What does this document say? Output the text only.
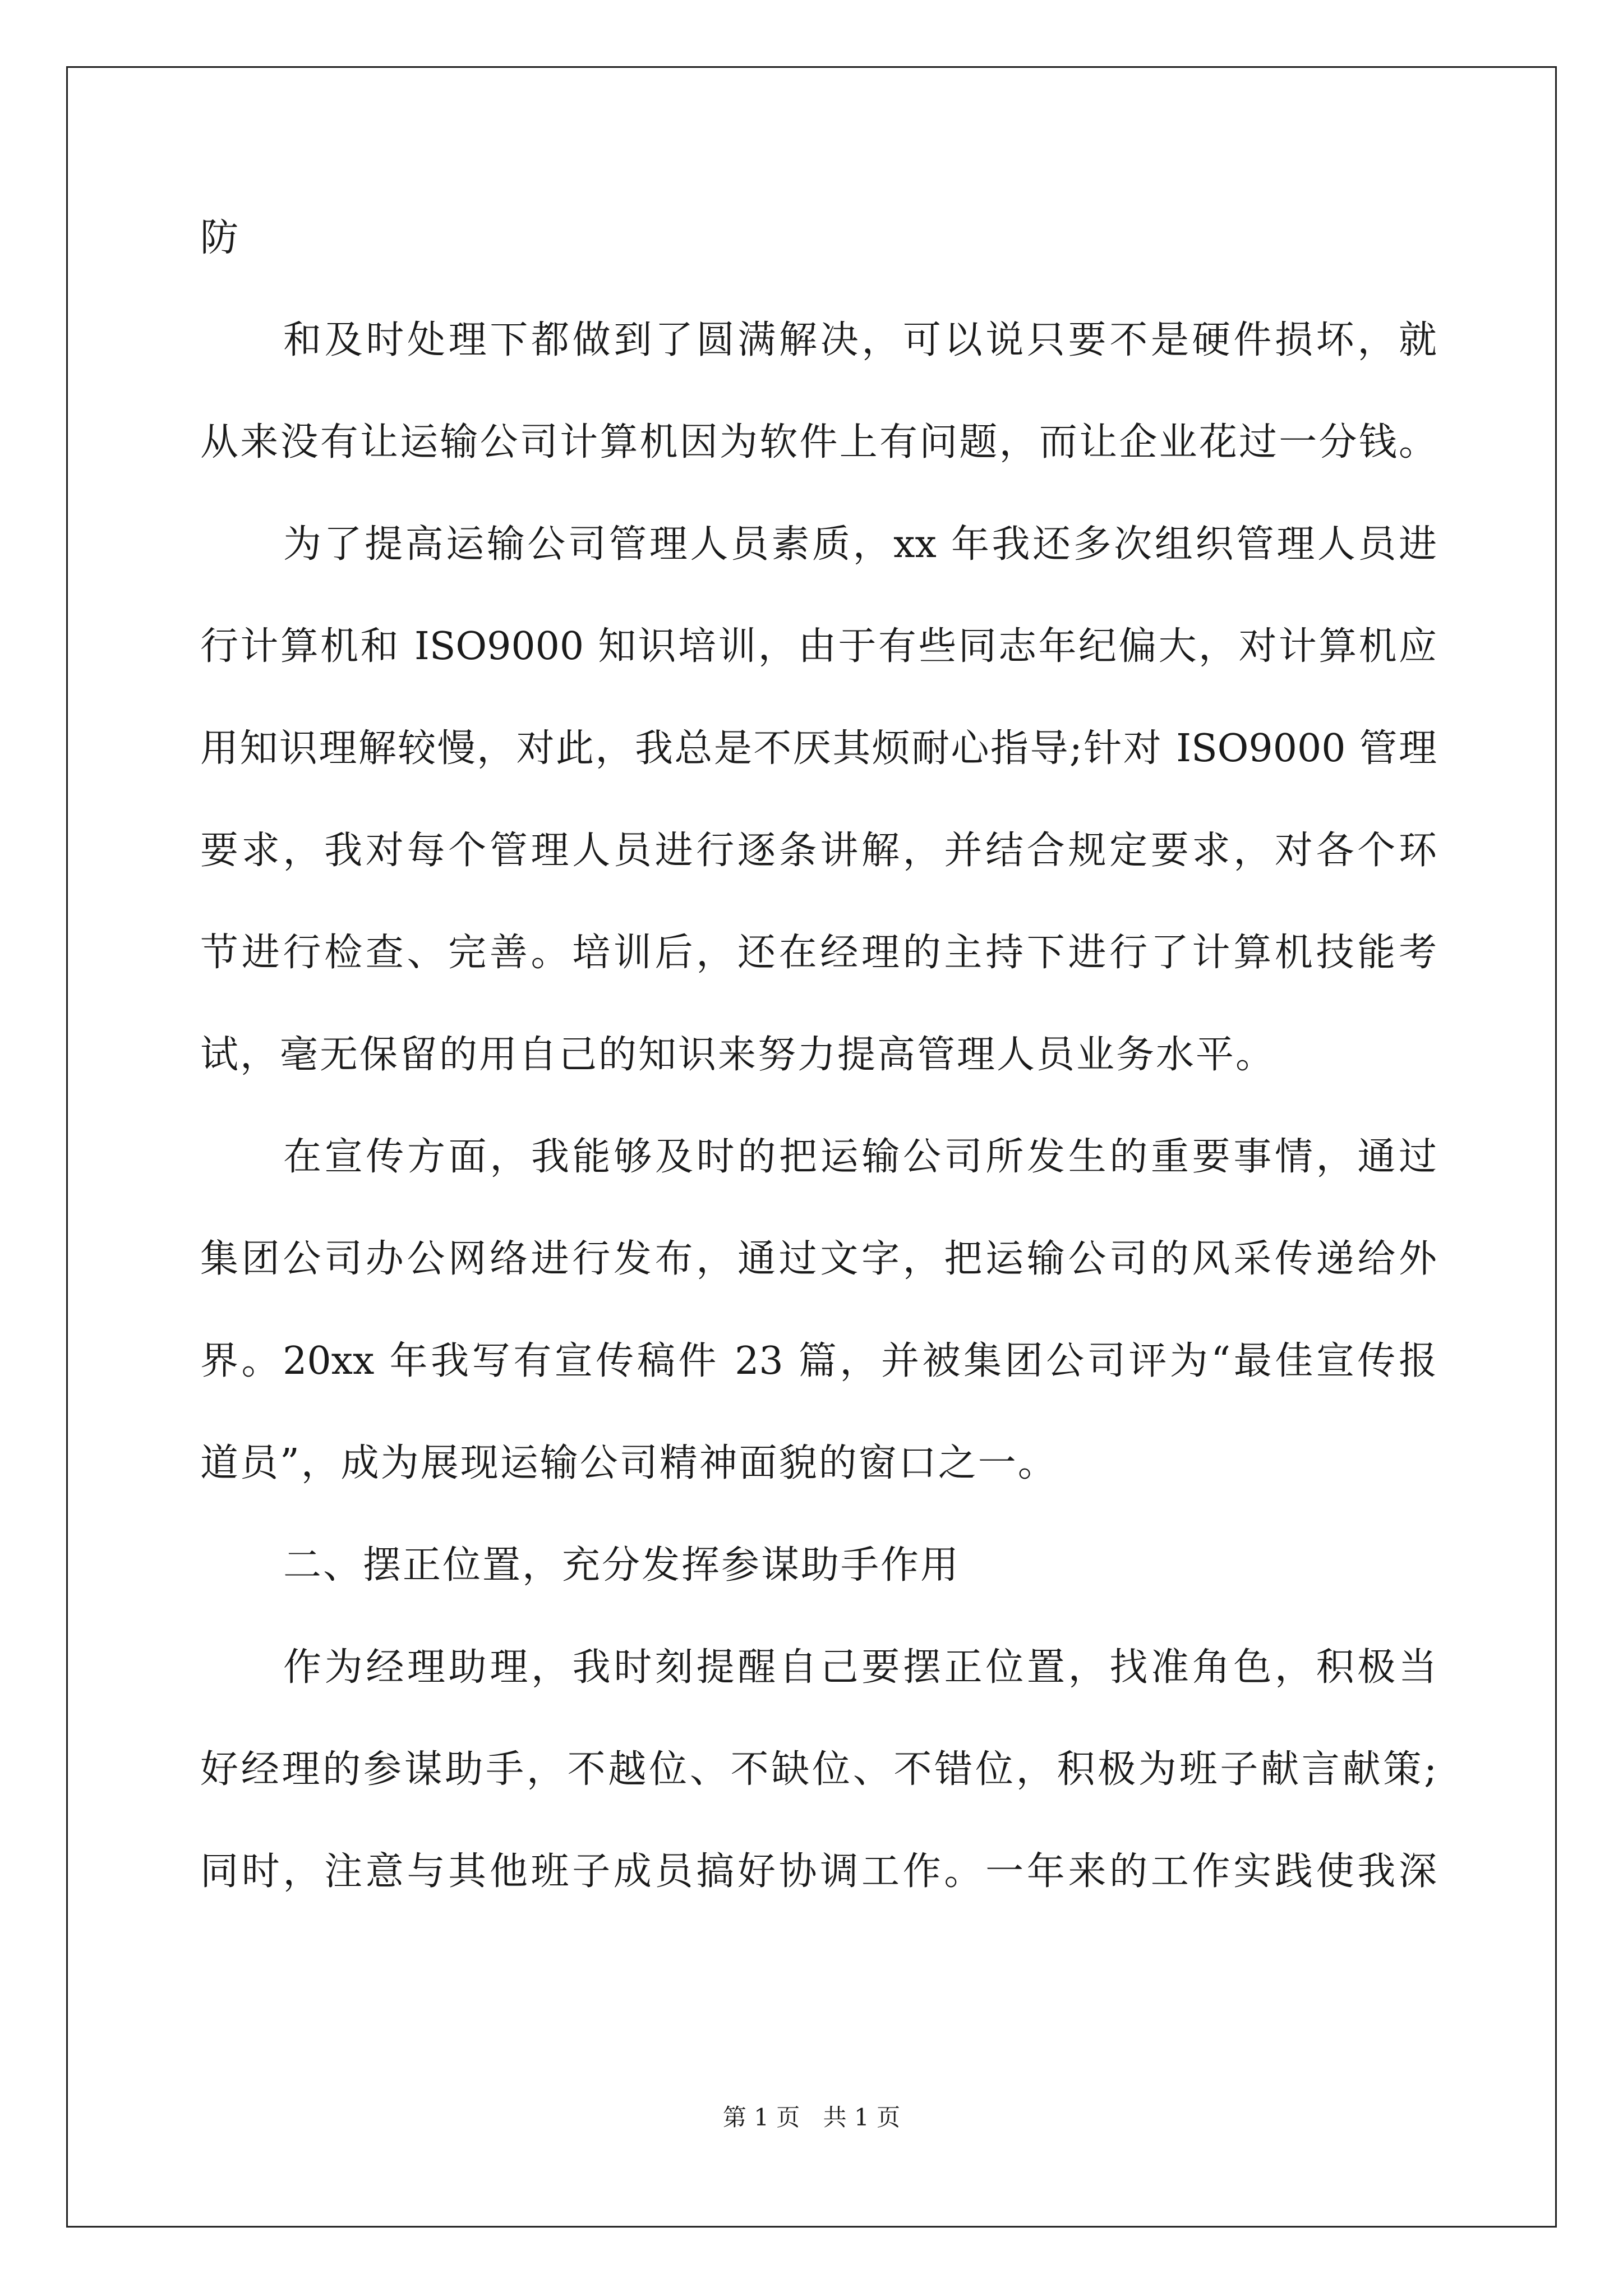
防
和及时处理下都做到了圆满解决，可以说只要不是硬件损坏，就
从来没有让运输公司计算机因为软件上有问题，而让企业花过一分钱。
为了提高运输公司管理人员素质，xx 年我还多次组织管理人员进
行计算机和 ISO9000 知识培训，由于有些同志年纪偏大，对计算机应
用知识理解较慢，对此，我总是不厌其烦耐心指导;针对 ISO9000 管理
要求，我对每个管理人员进行逐条讲解，并结合规定要求，对各个环
节进行检查、完善。培训后，还在经理的主持下进行了计算机技能考
试，毫无保留的用自己的知识来努力提高管理人员业务水平。
在宣传方面，我能够及时的把运输公司所发生的重要事情，通过
集团公司办公网络进行发布，通过文字，把运输公司的风采传递给外
界。20xx 年我写有宣传稿件 23 篇，并被集团公司评为“最佳宣传报
道员”，成为展现运输公司精神面貌的窗口之一。
二、摆正位置，充分发挥参谋助手作用
作为经理助理，我时刻提醒自己要摆正位置，找准角色，积极当
好经理的参谋助手，不越位、不缺位、不错位，积极为班子献言献策;
同时，注意与其他班子成员搞好协调工作。一年来的工作实践使我深
第 1 页 共 1 页
